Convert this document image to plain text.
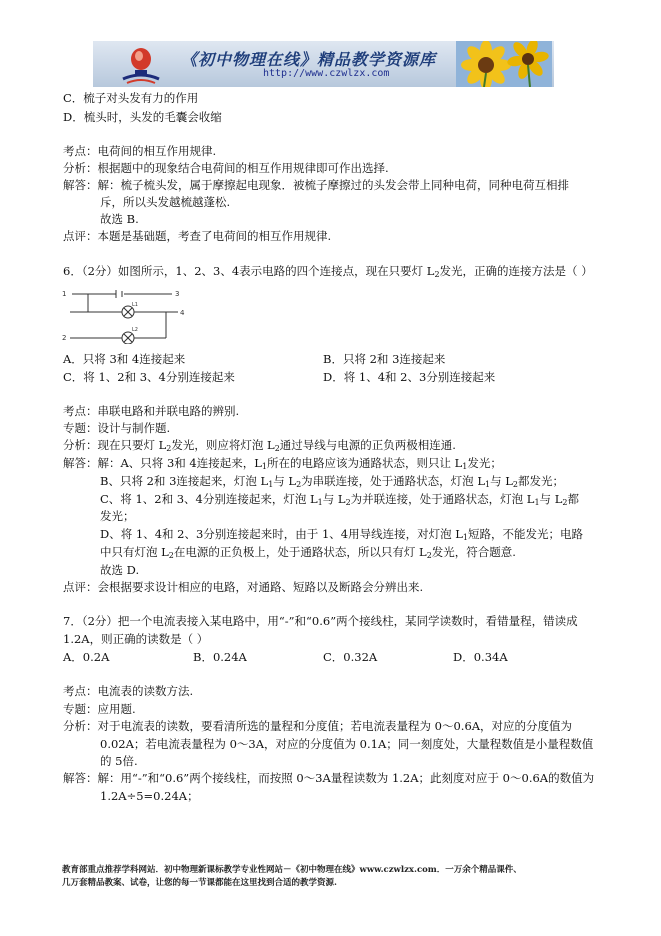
《初中物理在线》精品教学资源库
http://www.czwlzx.com
C．梳子对头发有力的作用
D．梳头时，头发的毛囊会收缩
考点：电荷间的相互作用规律.
分析：根据题中的现象结合电荷间的相互作用规律即可作出选择.
解答：解：梳子梳头发，属于摩擦起电现象．被梳子摩擦过的头发会带上同种电荷，同种电荷互相排
斥，所以头发越梳越蓬松.
故选 B.
点评：本题是基础题，考查了电荷间的相互作用规律.
6．（2分）如图所示，1、2、3、4表示电路的四个连接点，现在只要灯 $L_2$发光，正确的连接方法是（ ）
L1
L2
1
2
3
4
A．只将 3和 4连接起来	B．只将 2和 3连接起来
C．将 1、2和 3、4分别连接起来	D．将 1、4和 2、3分别连接起来
考点：串联电路和并联电路的辨别.
专题：设计与制作题.
分析：现在只要灯 $L_2$发光，则应将灯泡 $L_2$通过导线与电源的正负两极相连通.
解答：解：A、只将 3和 4连接起来，$L_1$所在的电路应该为通路状态，则只让 $L_1$发光；
B、只将 2和 3连接起来，灯泡 $L_1$与 $L_2$为串联连接，处于通路状态，灯泡 $L_1$与 $L_2$都发光；
C、将 1、2和 3、4分别连接起来，灯泡 $L_1$与 $L_2$为并联连接，处于通路状态，灯泡 $L_1$与 $L_2$都
发光；
D、将 1、4和 2、3分别连接起来时，由于 1、4用导线连接，对灯泡 $L_1$短路，不能发光；电路
中只有灯泡 $L_2$在电源的正负极上，处于通路状态，所以只有灯 $L_2$发光，符合题意.
故选 D.
点评：会根据要求设计相应的电路，对通路、短路以及断路会分辨出来.
7．（2分）把一个电流表接入某电路中，用“-”和“0.6”两个接线柱，某同学读数时，看错量程，错读成
1.2A，则正确的读数是（ ）
A．0.2A	B．0.24A	C．0.32A	D．0.34A
考点：电流表的读数方法.
专题：应用题.
分析：对于电流表的读数，要看清所选的量程和分度值；若电流表量程为 0～0.6A，对应的分度值为
0.02A；若电流表量程为 0～3A，对应的分度值为 0.1A；同一刻度处，大量程数值是小量程数值
的 5倍.
解答：解：用“-”和“0.6”两个接线柱，而按照 0～3A量程读数为 1.2A；此刻度对应于 0～0.6A的数值为
1.2A÷5=0.24A；
教育部重点推荐学科网站．初中物理新课标教学专业性网站－《初中物理在线》www.czwlzx.com．一万余个精品课件、
几万套精品教案、试卷，让您的每一节课都能在这里找到合适的教学资源.
